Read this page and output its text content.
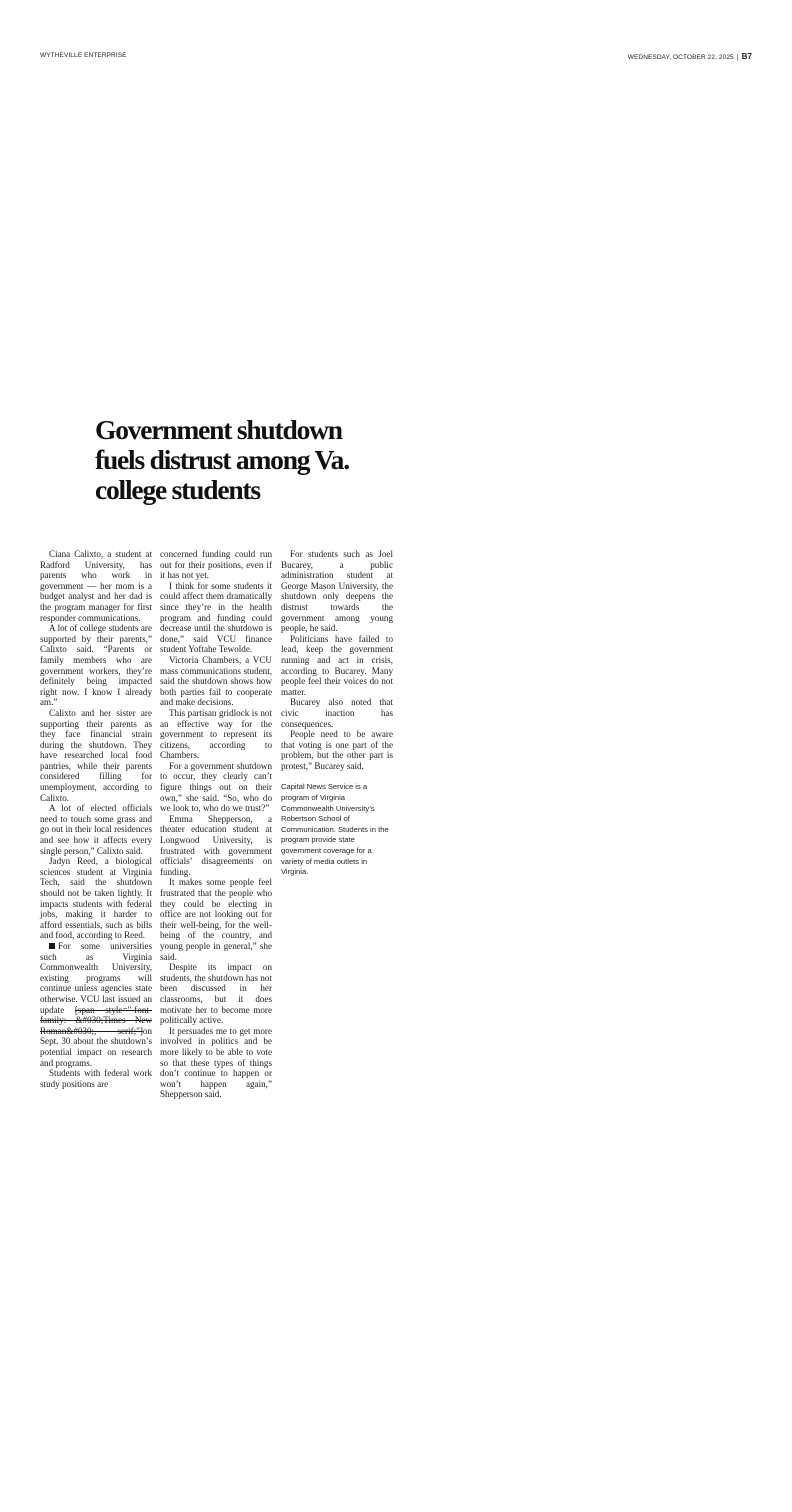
WYTHEVILLE ENTERPRISE	WEDNESDAY, OCTOBER 22, 2025 | B7
Government shutdown fuels distrust among Va. college students

Ciana Calixto, a student at Radford University, has parents who work in government — her mom is a budget analyst and her dad is the program manager for first responder communications.

A lot of college students are supported by their parents,” Calixto said. “Parents or family members who are government workers, they’re definitely being impacted right now. I know I already am.”

Calixto and her sister are supporting their parents as they face financial strain during the shutdown. They have researched local food pantries, while their parents considered filling for unemployment, according to Calixto.

A lot of elected officials need to touch some grass and go out in their local residences and see how it affects every single person,” Calixto said.

Jadyn Reed, a biological sciences student at Virginia Tech, said the shutdown should not be taken lightly. It impacts students with federal jobs, making it harder to afford essentials, such as bills and food, according to Reed.

For some universities such as Virginia Commonwealth University, existing programs will continue unless agencies state otherwise. VCU last issued an update [span style="-font-family: &#030;Times New Roman&#030;, serif;"]on Sept. 30 about the shutdown’s potential impact on research and programs.

Students with federal work study positions are

concerned funding could run out for their positions, even if it has not yet.

I think for some students it could affect them dramatically since they’re in the health program and funding could decrease until the shutdown is done,” said VCU finance student Yoftahe Tewolde.

Victoria Chambers, a VCU mass communications student, said the shutdown shows how both parties fail to cooperate and make decisions.

This partisan gridlock is not an effective way for the government to represent its citizens, according to Chambers.

For a government shutdown to occur, they clearly can’t figure things out on their own,” she said. “So, who do we look to, who do we trust?”

Emma Shepperson, a theater education student at Longwood University, is frustrated with government officials’ disagreements on funding.

It makes some people feel frustrated that the people who they could be electing in office are not looking out for their well-being, for the well-being of the country, and young people in general,” she said.

Despite its impact on students, the shutdown has not been discussed in her classrooms, but it does motivate her to become more politically active.

It persuades me to get more involved in politics and be more likely to be able to vote so that these types of things don’t continue to happen or won’t happen again,” Shepperson said.

For students such as Joel Bucarey, a public administration student at George Mason University, the shutdown only deepens the distrust towards the government among young people, he said.

Politicians have failed to lead, keep the government running and act in crisis, according to Bucarey. Many people feel their voices do not matter.

Bucarey also noted that civic inaction has consequences.

People need to be aware that voting is one part of the problem, but the other part is protest,” Bucarey said.

Capital News Service is a program of Virginia Commonwealth University’s Robertson School of Communication. Students in the program provide state government coverage for a variety of media outlets in Virginia.
